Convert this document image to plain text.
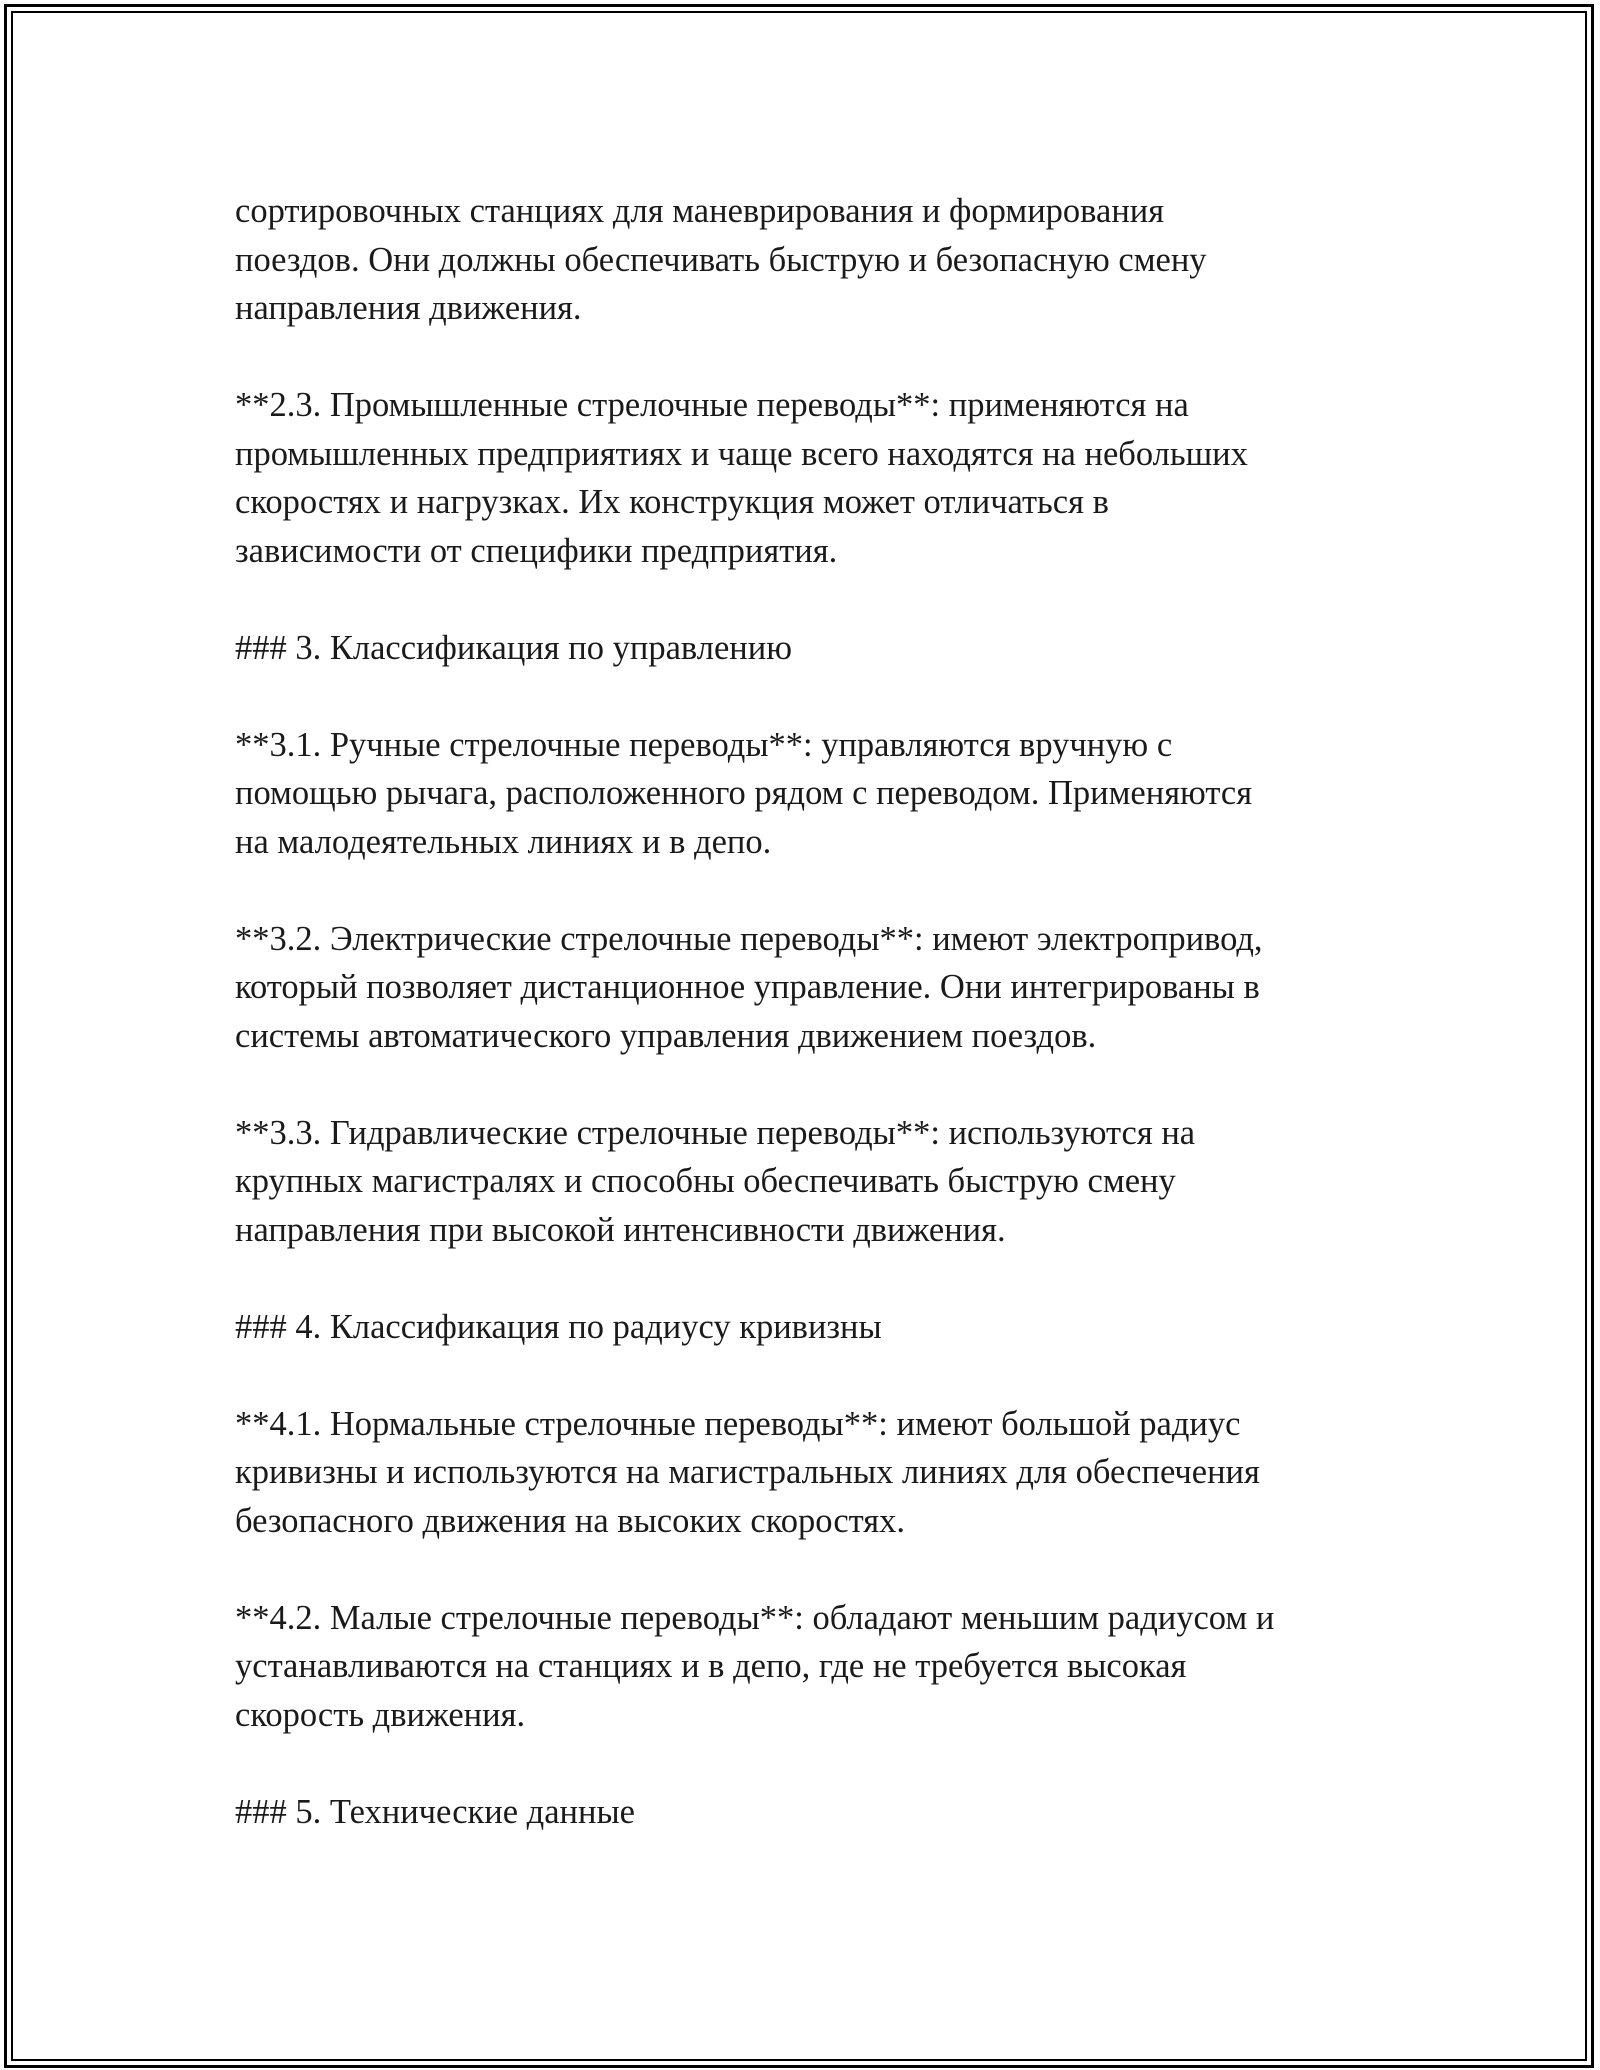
сортировочных станциях для маневрирования и формирования
поездов. Они должны обеспечивать быструю и безопасную смену
направления движения.

**2.3. Промышленные стрелочные переводы**: применяются на
промышленных предприятиях и чаще всего находятся на небольших
скоростях и нагрузках. Их конструкция может отличаться в
зависимости от специфики предприятия.

### 3. Классификация по управлению

**3.1. Ручные стрелочные переводы**: управляются вручную с
помощью рычага, расположенного рядом с переводом. Применяются
на малодеятельных линиях и в депо.

**3.2. Электрические стрелочные переводы**: имеют электропривод,
который позволяет дистанционное управление. Они интегрированы в
системы автоматического управления движением поездов.

**3.3. Гидравлические стрелочные переводы**: используются на
крупных магистралях и способны обеспечивать быструю смену
направления при высокой интенсивности движения.

### 4. Классификация по радиусу кривизны

**4.1. Нормальные стрелочные переводы**: имеют большой радиус
кривизны и используются на магистральных линиях для обеспечения
безопасного движения на высоких скоростях.

**4.2. Малые стрелочные переводы**: обладают меньшим радиусом и
устанавливаются на станциях и в депо, где не требуется высокая
скорость движения.

### 5. Технические данные
